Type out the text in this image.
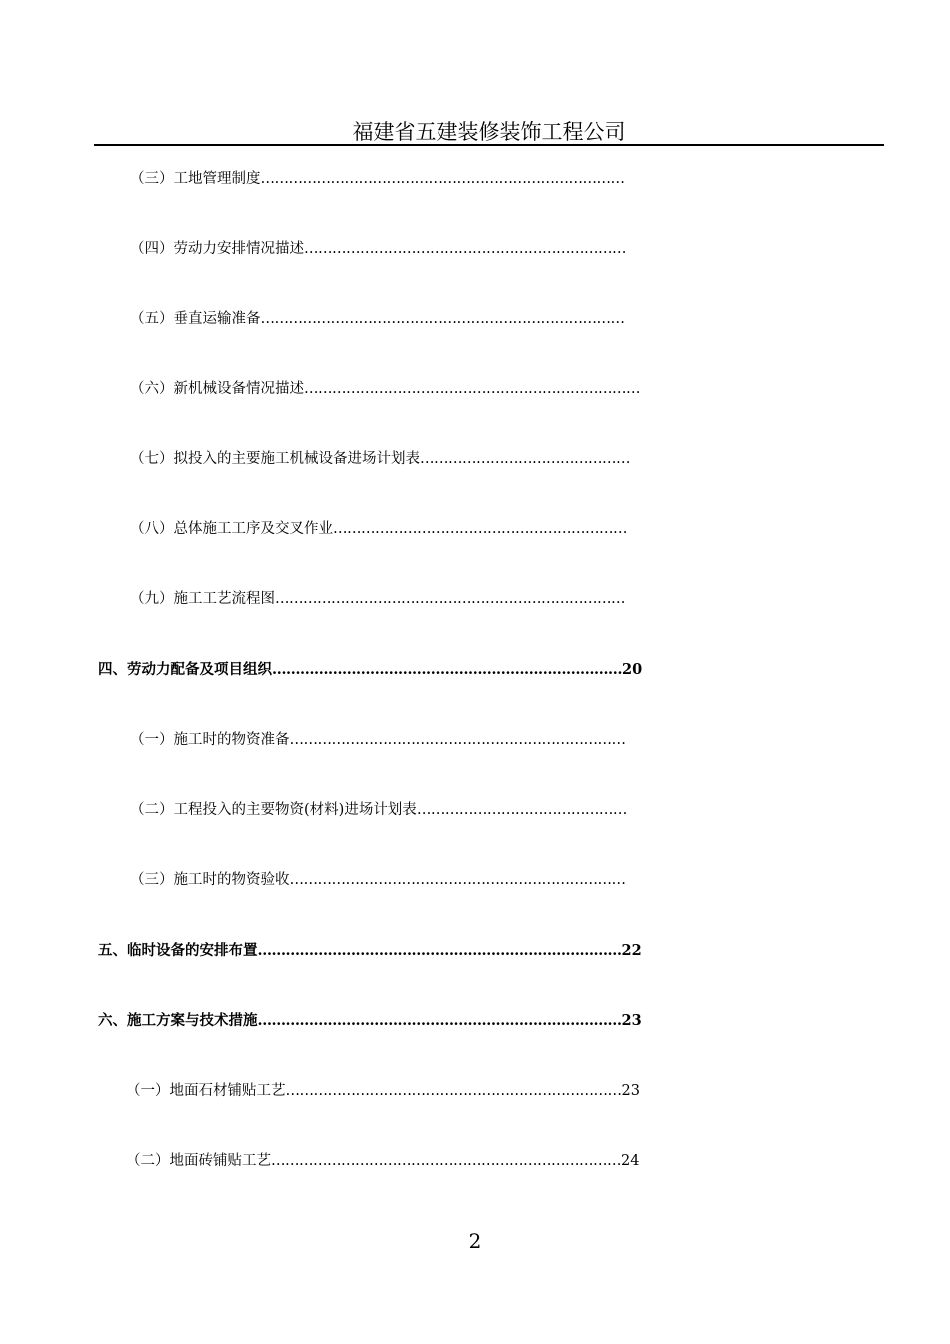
福建省五建装修装饰工程公司
（三）工地管理制度……………………………………………………………………
（四）劳动力安排情况描述……………………………………………………………
（五）垂直运输准备……………………………………………………………………
（六）新机械设备情况描述………………………………………………………………
（七）拟投入的主要施工机械设备进场计划表………………………………………
（八）总体施工工序及交叉作业………………………………………………………
（九）施工工艺流程图…………………………………………………………………
四、劳动力配备及项目组织…………………………………………………………………20
（一）施工时的物资准备………………………………………………………………
（二）工程投入的主要物资(材料)进场计划表………………………………………
（三）施工时的物资验收………………………………………………………………
五、临时设备的安排布置……………………………………………………………………22
六、施工方案与技术措施……………………………………………………………………23
（一）地面石材铺贴工艺………………………………………………………………23
（二）地面砖铺贴工艺…………………………………………………………………24
2
